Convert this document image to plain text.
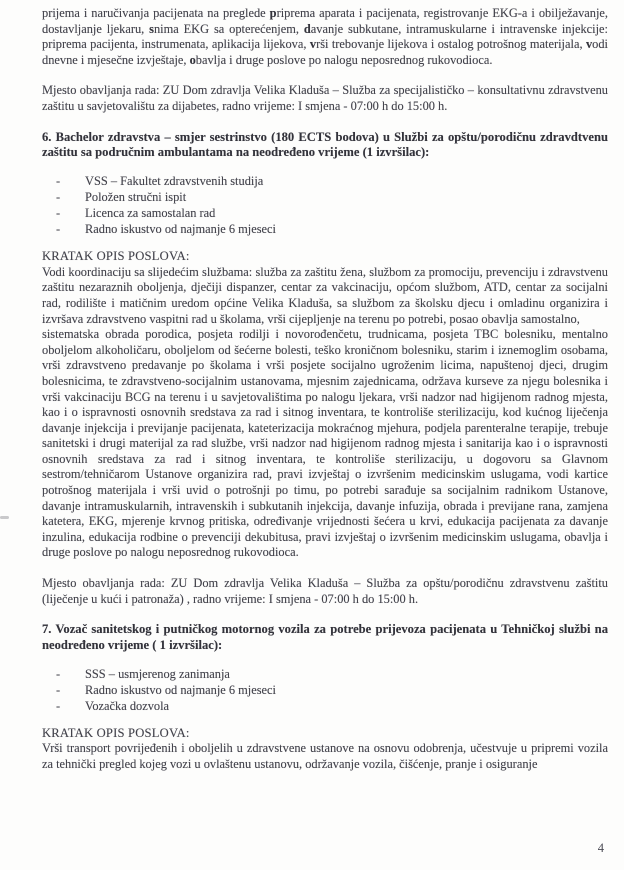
prijema i naručivanja pacijenata na preglede priprema aparata i pacijenata, registrovanje EKG-a i obilježavanje, dostavljanje ljekaru, snima EKG sa opterećenjem, davanje subkutane, intramuskularne i intravenske injekcije: priprema pacijenta, instrumenata, aplikacija lijekova, vrši trebovanje lijekova i ostalog potrošnog materijala, vodi dnevne i mjesečne izvještaje, obavlja i druge poslove po nalogu neposrednog rukovodioca.

Mjesto obavljanja rada: ZU Dom zdravlja Velika Kladuša – Služba za specijalističko – konsultativnu zdravstvenu zaštitu u savjetovalištu za dijabetes, radno vrijeme: I smjena - 07:00 h do 15:00 h.

6. Bachelor zdravstva – smjer sestrinstvo (180 ECTS bodova) u Službi za opštu/porodičnu zdravdtvenu zaštitu sa područnim ambulantama na neodređeno vrijeme (1 izvršilac):

- VSS – Fakultet zdravstvenih studija
- Položen stručni ispit
- Licenca za samostalan rad
- Radno iskustvo od najmanje 6 mjeseci

KRATAK OPIS POSLOVA:

Vodi koordinaciju sa slijedećim službama: služba za zaštitu žena, službom za promociju, prevenciju i zdravstvenu zaštitu nezaraznih oboljenja, dječiji dispanzer, centar za vakcinaciju, općom službom, ATD, centar za socijalni rad, rodilište i matičnim uredom općine Velika Kladuša, sa službom za školsku djecu i omladinu organizira i izvršava zdravstveno vaspitni rad u školama, vrši cijepljenje na terenu po potrebi, posao obavlja samostalno,

sistematska obrada porodica, posjeta rodilji i novorođenčetu, trudnicama, posjeta TBC bolesniku, mentalno oboljelom alkoholičaru, oboljelom od šećerne bolesti, teško kroničnom bolesniku, starim i iznemoglim osobama, vrši zdravstveno predavanje po školama i vrši posjete socijalno ugroženim licima, napuštenoj djeci, drugim bolesnicima, te zdravstveno-socijalnim ustanovama, mjesnim zajednicama, održava kurseve za njegu bolesnika i vrši vakcinaciju BCG na terenu i u savjetovalištima po nalogu ljekara, vrši nadzor nad higijenom radnog mjesta, kao i o ispravnosti osnovnih sredstava za rad i sitnog inventara, te kontroliše sterilizaciju, kod kućnog liječenja davanje injekcija i previjanje pacijenata, kateterizacija mokraćnog mjehura, podjela parenteralne terapije, trebuje sanitetski i drugi materijal za rad službe, vrši nadzor nad higijenom radnog mjesta i sanitarija kao i o ispravnosti osnovnih sredstava za rad i sitnog inventara, te kontroliše sterilizaciju, u dogovoru sa Glavnom sestrom/tehničarom Ustanove organizira rad, pravi izvještaj o izvršenim medicinskim uslugama, vodi kartice potrošnog materijala i vrši uvid o potrošnji po timu, po potrebi sarađuje sa socijalnim radnikom Ustanove, davanje intramuskularnih, intravenskih i subkutanih injekcija, davanje infuzija, obrada i previjane rana, zamjena katetera, EKG, mjerenje krvnog pritiska, određivanje vrijednosti šećera u krvi, edukacija pacijenata za davanje inzulina, edukacija rodbine o prevenciji dekubitusa, pravi izvještaj o izvršenim medicinskim uslugama, obavlja i druge poslove po nalogu neposrednog rukovodioca.

Mjesto obavljanja rada: ZU Dom zdravlja Velika Kladuša – Služba za opštu/porodičnu zdravstvenu zaštitu (liječenje u kući i patronaža) , radno vrijeme: I smjena - 07:00 h do 15:00 h.

7. Vozač sanitetskog i putničkog motornog vozila za potrebe prijevoza pacijenata u Tehničkoj službi na neodređeno vrijeme ( 1 izvršilac):

- SSS – usmjerenog zanimanja
- Radno iskustvo od najmanje 6 mjeseci
- Vozačka dozvola

KRATAK OPIS POSLOVA:

Vrši transport povrijeđenih i oboljelih u zdravstvene ustanove na osnovu odobrenja, učestvuje u pripremi vozila za tehnički pregled kojeg vozi u ovlaštenu ustanovu, održavanje vozila, čišćenje, pranje i osiguranje

4
